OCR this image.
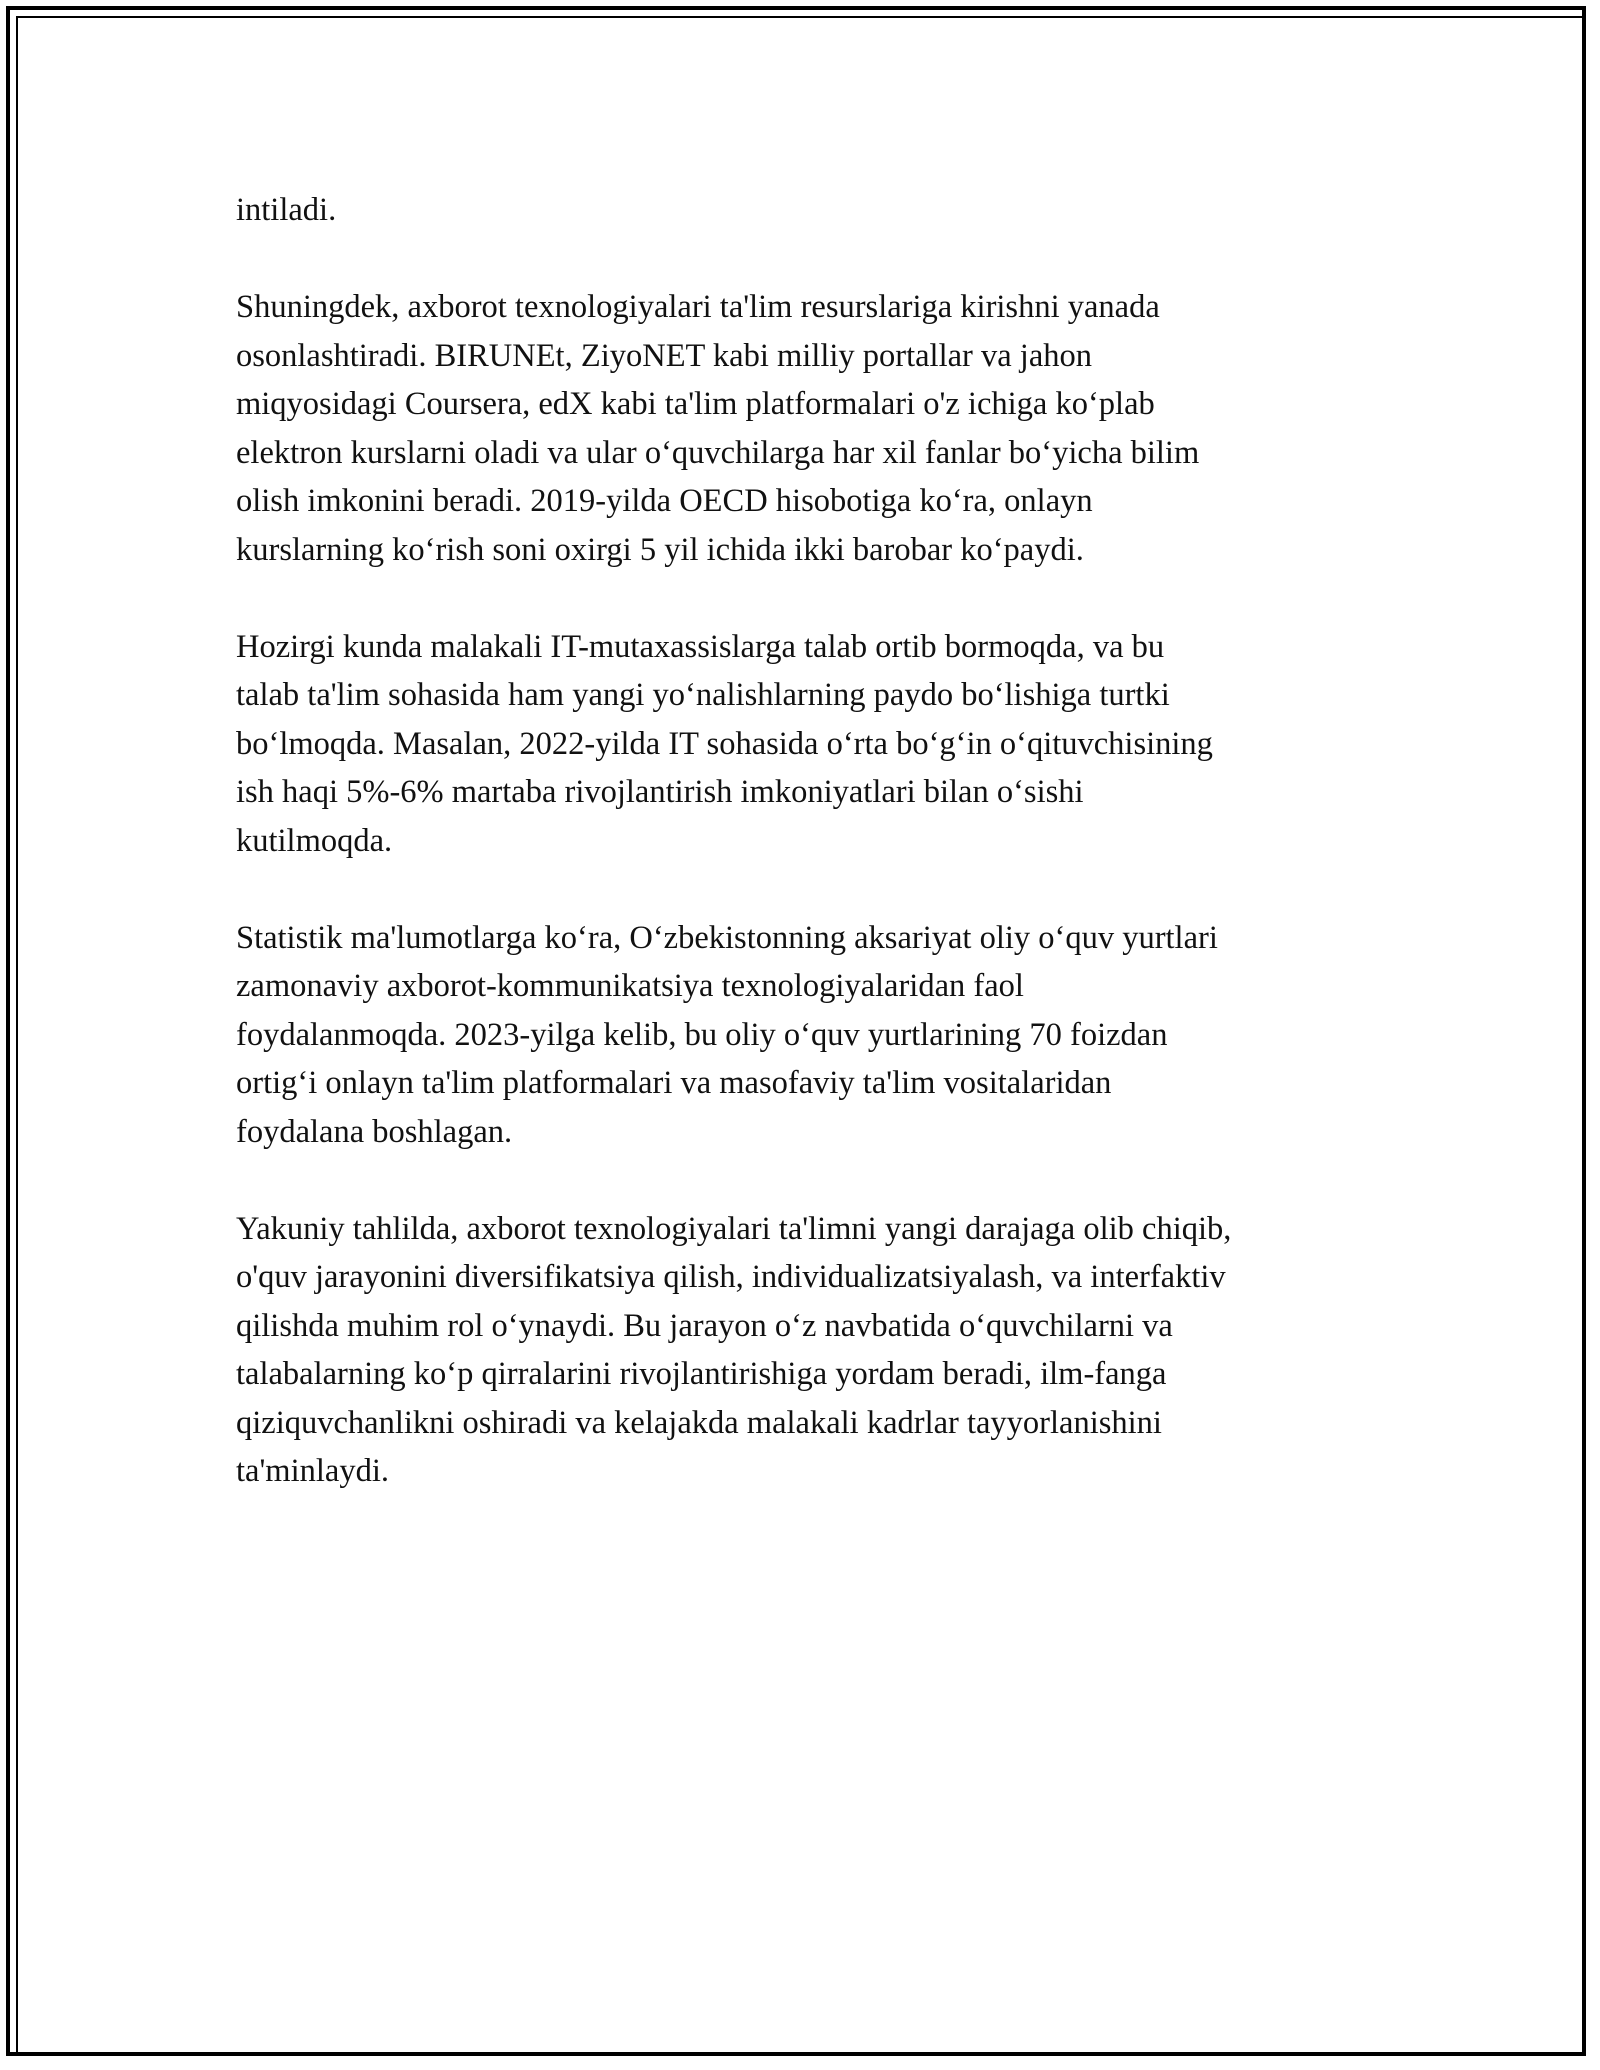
intiladi.

Shuningdek, axborot texnologiyalari ta'lim resurslariga kirishni yanada
osonlashtiradi. BIRUNEt, ZiyoNET kabi milliy portallar va jahon
miqyosidagi Coursera, edX kabi ta'lim platformalari o'z ichiga koʻplab
elektron kurslarni oladi va ular oʻquvchilarga har xil fanlar boʻyicha bilim
olish imkonini beradi. 2019-yilda OECD hisobotiga koʻra, onlayn
kurslarning koʻrish soni oxirgi 5 yil ichida ikki barobar koʻpaydi.

Hozirgi kunda malakali IT-mutaxassislarga talab ortib bormoqda, va bu
talab ta'lim sohasida ham yangi yoʻnalishlarning paydo boʻlishiga turtki
boʻlmoqda. Masalan, 2022-yilda IT sohasida oʻrta boʻgʻin oʻqituvchisining
ish haqi 5%-6% martaba rivojlantirish imkoniyatlari bilan oʻsishi
kutilmoqda.

Statistik ma'lumotlarga koʻra, Oʻzbekistonning aksariyat oliy oʻquv yurtlari
zamonaviy axborot-kommunikatsiya texnologiyalaridan faol
foydalanmoqda. 2023-yilga kelib, bu oliy oʻquv yurtlarining 70 foizdan
ortigʻi onlayn ta'lim platformalari va masofaviy ta'lim vositalaridan
foydalana boshlagan.

Yakuniy tahlilda, axborot texnologiyalari ta'limni yangi darajaga olib chiqib,
o'quv jarayonini diversifikatsiya qilish, individualizatsiyalash, va interfaktiv
qilishda muhim rol oʻynaydi. Bu jarayon oʻz navbatida oʻquvchilarni va
talabalarning koʻp qirralarini rivojlantirishiga yordam beradi, ilm-fanga
qiziquvchanlikni oshiradi va kelajakda malakali kadrlar tayyorlanishini
ta'minlaydi.
